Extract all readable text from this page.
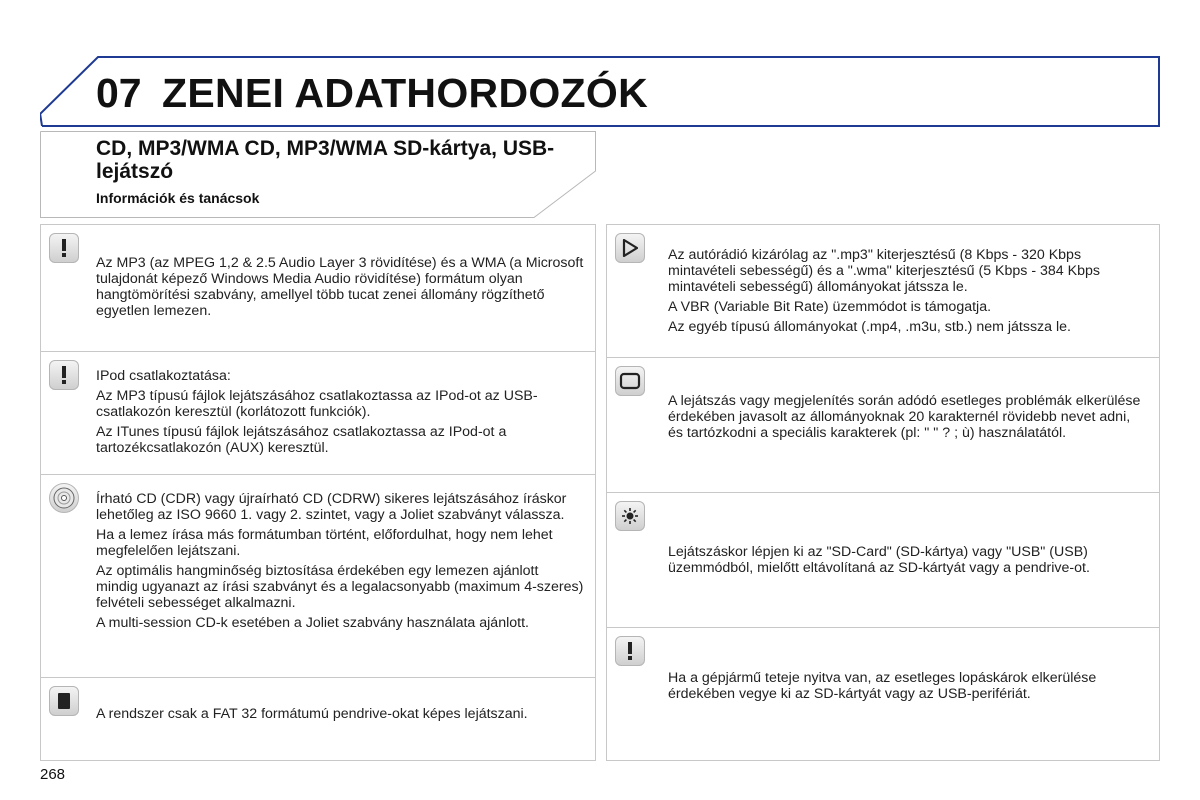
07 ZENEI ADATHORDOZÓK
CD, MP3/WMA CD, MP3/WMA SD-kártya, USB-lejátszó
Információk és tanácsok

Az MP3 (az MPEG 1,2 & 2.5 Audio Layer 3 rövidítése) és a WMA (a Microsoft tulajdonát képező Windows Media Audio rövidítése) formátum olyan hangtömörítési szabvány, amellyel több tucat zenei állomány rögzíthető egyetlen lemezen.

IPod csatlakoztatása:

Az MP3 típusú fájlok lejátszásához csatlakoztassa az IPod-ot az USB-csatlakozón keresztül (korlátozott funkciók).

Az ITunes típusú fájlok lejátszásához csatlakoztassa az IPod-ot a tartozékcsatlakozón (AUX) keresztül.

Írható CD (CDR) vagy újraírható CD (CDRW) sikeres lejátszásához íráskor lehetőleg az ISO 9660 1. vagy 2. szintet, vagy a Joliet szabványt válassza.

Ha a lemez írása más formátumban történt, előfordulhat, hogy nem lehet megfelelően lejátszani.

Az optimális hangminőség biztosítása érdekében egy lemezen ajánlott mindig ugyanazt az írási szabványt és a legalacsonyabb (maximum 4-szeres) felvételi sebességet alkalmazni.

A multi-session CD-k esetében a Joliet szabvány használata ajánlott.

A rendszer csak a FAT 32 formátumú pendrive-okat képes lejátszani.

Az autórádió kizárólag az ".mp3" kiterjesztésű (8 Kbps - 320 Kbps mintavételi sebességű) és a ".wma" kiterjesztésű (5 Kbps - 384 Kbps mintavételi sebességű) állományokat játssza le.

A VBR (Variable Bit Rate) üzemmódot is támogatja.

Az egyéb típusú állományokat (.mp4, .m3u, stb.) nem játssza le.

A lejátszás vagy megjelenítés során adódó esetleges problémák elkerülése érdekében javasolt az állományoknak 20 karakternél rövidebb nevet adni, és tartózkodni a speciális karakterek (pl: " " ? ; ù) használatától.

Lejátszáskor lépjen ki az "SD-Card" (SD-kártya) vagy "USB" (USB) üzemmódból, mielőtt eltávolítaná az SD-kártyát vagy a pendrive-ot.

Ha a gépjármű teteje nyitva van, az esetleges lopáskárok elkerülése érdekében vegye ki az SD-kártyát vagy az USB-perifériát.

268
